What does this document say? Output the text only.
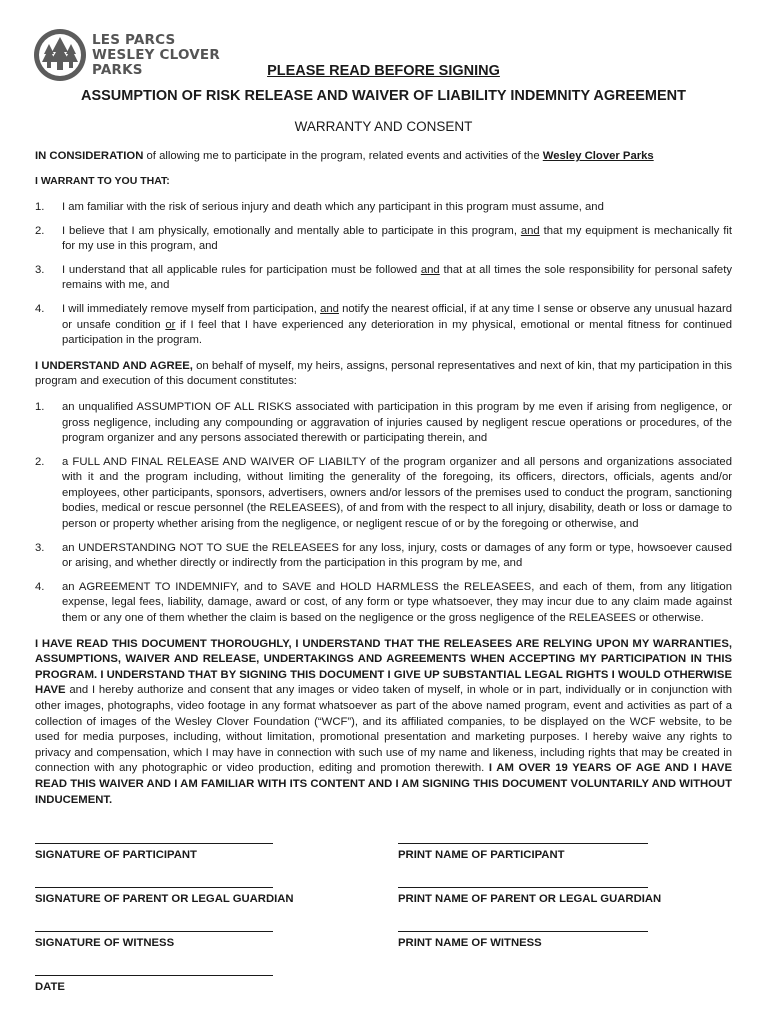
LES PARCS
WESLEY CLOVER
PARKS	PLEASE READ BEFORE SIGNING
ASSUMPTION OF RISK RELEASE AND WAIVER OF LIABILITY INDEMNITY AGREEMENT
WARRANTY AND CONSENT

IN CONSIDERATION of allowing me to participate in the program, related events and activities of the Wesley Clover Parks

I WARRANT TO YOU THAT:

1.	I am familiar with the risk of serious injury and death which any participant in this program must assume, and
2.	I believe that I am physically, emotionally and mentally able to participate in this program, and that my equipment is mechanically fit for my use in this program, and
3.	I understand that all applicable rules for participation must be followed and that at all times the sole responsibility for personal safety remains with me, and
4.	I will immediately remove myself from participation, and notify the nearest official, if at any time I sense or observe any unusual hazard or unsafe condition or if I feel that I have experienced any deterioration in my physical, emotional or mental fitness for continued participation in the program.

I UNDERSTAND AND AGREE, on behalf of myself, my heirs, assigns, personal representatives and next of kin, that my participation in this program and execution of this document constitutes:

1.	an unqualified ASSUMPTION OF ALL RISKS associated with participation in this program by me even if arising from negligence, or gross negligence, including any compounding or aggravation of injuries caused by negligent rescue operations or procedures, of the program organizer and any persons associated therewith or participating therein, and
2.	a FULL AND FINAL RELEASE AND WAIVER OF LIABILTY of the program organizer and all persons and organizations associated with it and the program including, without limiting the generality of the foregoing, its officers, directors, officials, agents and/or employees, other participants, sponsors, advertisers, owners and/or lessors of the premises used to conduct the program, sanctioning bodies, medical or rescue personnel (the RELEASEES), of and from with the respect to all injury, disability, death or loss or damage to person or property whether arising from the negligence, or negligent rescue of or by the foregoing or otherwise, and
3.	an UNDERSTANDING NOT TO SUE the RELEASEES for any loss, injury, costs or damages of any form or type, howsoever caused or arising, and whether directly or indirectly from the participation in this program by me, and
4.	an AGREEMENT TO INDEMNIFY, and to SAVE and HOLD HARMLESS the RELEASEES, and each of them, from any litigation expense, legal fees, liability, damage, award or cost, of any form or type whatsoever, they may incur due to any claim made against them or any one of them whether the claim is based on the negligence or the gross negligence of the RELEASEES or otherwise.

I HAVE READ THIS DOCUMENT THOROUGHLY, I UNDERSTAND THAT THE RELEASEES ARE RELYING UPON MY WARRANTIES, ASSUMPTIONS, WAIVER AND RELEASE, UNDERTAKINGS AND AGREEMENTS WHEN ACCEPTING MY PARTICIPATION IN THIS PROGRAM. I UNDERSTAND THAT BY SIGNING THIS DOCUMENT I GIVE UP SUBSTANTIAL LEGAL RIGHTS I WOULD OTHERWISE HAVE and I hereby authorize and consent that any images or video taken of myself, in whole or in part, individually or in conjunction with other images, photographs, video footage in any format whatsoever as part of the above named program, event and activities as part of a collection of images of the Wesley Clover Foundation (“WCF”), and its affiliated companies, to be displayed on the WCF website, to be used for media purposes, including, without limitation, promotional presentation and marketing purposes. I hereby waive any rights to privacy and compensation, which I may have in connection with such use of my name and likeness, including rights that may be created in connection with any photographic or video production, editing and promotion therewith. I AM OVER 19 YEARS OF AGE AND I HAVE READ THIS WAIVER AND I AM FAMILIAR WITH ITS CONTENT AND I AM SIGNING THIS DOCUMENT VOLUNTARILY AND WITHOUT INDUCEMENT.

SIGNATURE OF PARTICIPANT	PRINT NAME OF PARTICIPANT
SIGNATURE OF PARENT OR LEGAL GUARDIAN	PRINT NAME OF PARENT OR LEGAL GUARDIAN
SIGNATURE OF WITNESS	PRINT NAME OF WITNESS
DATE
